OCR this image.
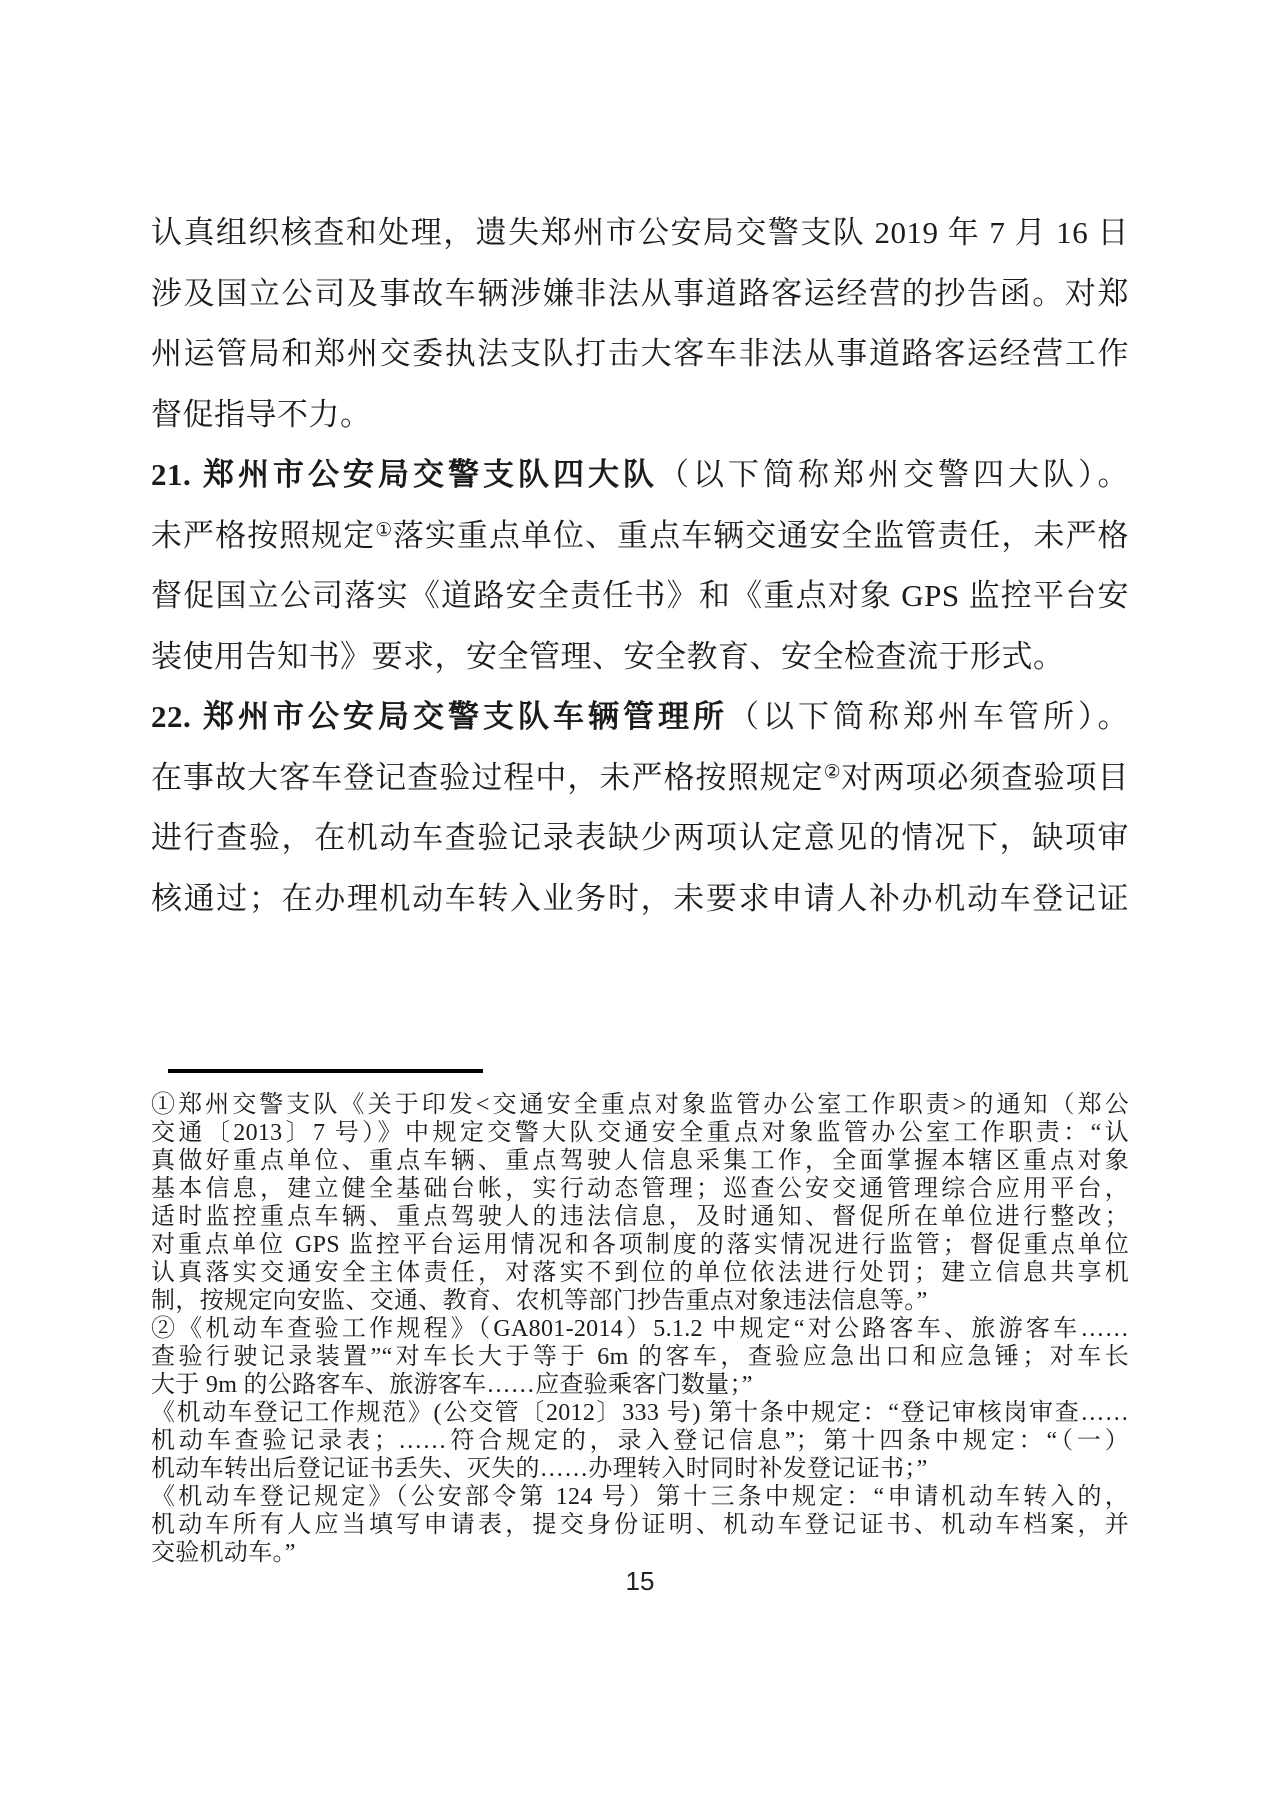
认真组织核查和处理，遗失郑州市公安局交警支队 2019 年 7 月 16 日

涉及国立公司及事故车辆涉嫌非法从事道路客运经营的抄告函。对郑

州运管局和郑州交委执法支队打击大客车非法从事道路客运经营工作

督促指导不力。

21. 郑州市公安局交警支队四大队（以下简称郑州交警四大队）。

未严格按照规定①落实重点单位、重点车辆交通安全监管责任，未严格

督促国立公司落实《道路安全责任书》和《重点对象 GPS 监控平台安

装使用告知书》要求，安全管理、安全教育、安全检查流于形式。

22. 郑州市公安局交警支队车辆管理所（以下简称郑州车管所）。

在事故大客车登记查验过程中，未严格按照规定②对两项必须查验项目

进行查验，在机动车查验记录表缺少两项认定意见的情况下，缺项审

核通过；在办理机动车转入业务时，未要求申请人补办机动车登记证

①郑州交警支队《关于印发<交通安全重点对象监管办公室工作职责>的通知（郑公

交通〔2013〕7 号）》中规定交警大队交通安全重点对象监管办公室工作职责：“认

真做好重点单位、重点车辆、重点驾驶人信息采集工作，全面掌握本辖区重点对象

基本信息，建立健全基础台帐，实行动态管理；巡查公安交通管理综合应用平台，

适时监控重点车辆、重点驾驶人的违法信息，及时通知、督促所在单位进行整改；

对重点单位 GPS 监控平台运用情况和各项制度的落实情况进行监管；督促重点单位

认真落实交通安全主体责任，对落实不到位的单位依法进行处罚；建立信息共享机

制，按规定向安监、交通、教育、农机等部门抄告重点对象违法信息等。”

②《机动车查验工作规程》（GA801-2014）5.1.2 中规定“对公路客车、旅游客车……

查验行驶记录装置”“对车长大于等于 6m 的客车，查验应急出口和应急锤；对车长

大于 9m 的公路客车、旅游客车……应查验乘客门数量；”

《机动车登记工作规范》(公交管〔2012〕333 号) 第十条中规定：“登记审核岗审查……

机动车查验记录表；……符合规定的，录入登记信息”；第十四条中规定：“（一）

机动车转出后登记证书丢失、灭失的……办理转入时同时补发登记证书；”

《机动车登记规定》（公安部令第 124 号）第十三条中规定：“申请机动车转入的，

机动车所有人应当填写申请表，提交身份证明、机动车登记证书、机动车档案，并

交验机动车。”

15
